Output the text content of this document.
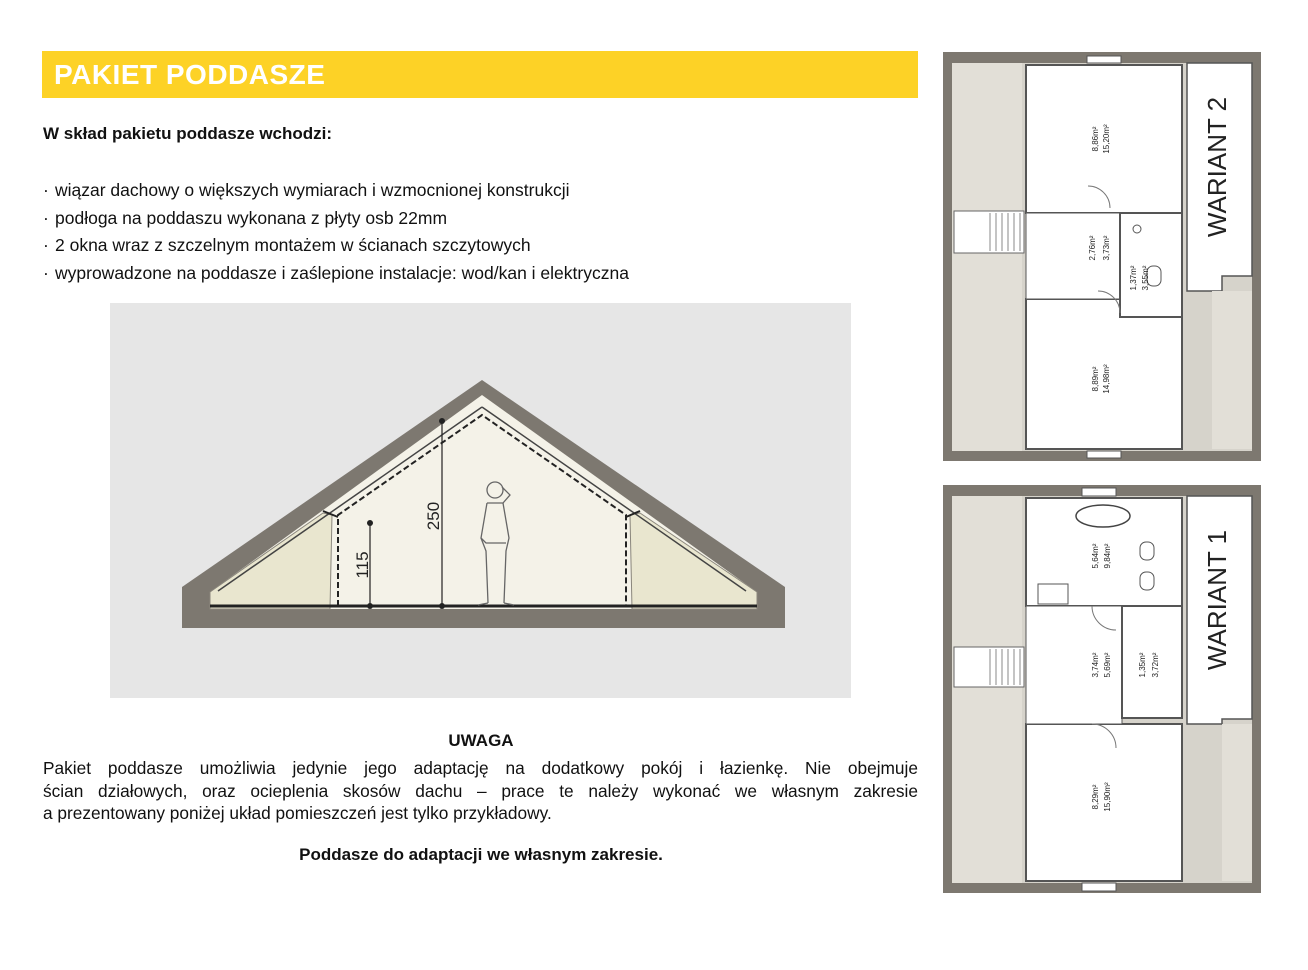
PAKIET PODDASZE
W skład pakietu poddasze wchodzi:
· wiązar dachowy o większych wymiarach i wzmocnionej konstrukcji
· podłoga na poddaszu wykonana z płyty osb 22mm
· 2 okna wraz z szczelnym montażem w ścianach szczytowych
· wyprowadzone na poddasze i zaślepione instalacje: wod/kan i elektryczna
115
250
UWAGA
Pakiet poddasze umożliwia jedynie jego adaptację na dodatkowy pokój i łazienkę. Nie obejmuje
ścian działowych, oraz ocieplenia skosów dachu – prace te należy wykonać we własnym zakresie
a prezentowany poniżej układ pomieszczeń jest tylko przykładowy.
Poddasze do adaptacji we własnym zakresie.
8,86m² 15,20m²
2,76m² 3,73m²
1,37m² 3,55m²
8,89m² 14,98m²
WARIANT 2
5,64m² 9,84m²
3,74m² 5,69m²	1,35m² 3,72m²
8,29m² 15,90m²
WARIANT 1
